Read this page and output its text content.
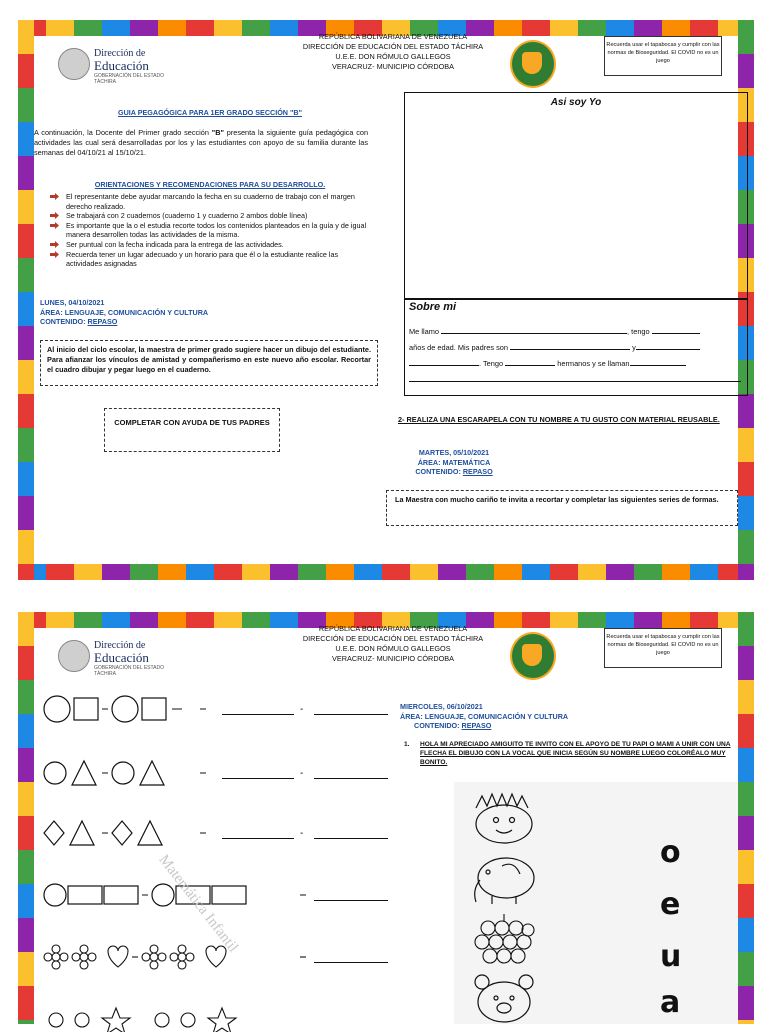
Dirección de
Educación
GOBERNACIÓN DEL ESTADO TÁCHIRA
REPÚBLICA BOLIVARIANA DE VENEZUELA
DIRECCIÓN DE EDUCACIÓN DEL ESTADO TÁCHIRA
U.E.E. DON RÓMULO GALLEGOS
VERACRUZ- MUNICIPIO CÓRDOBA
Recuerda usar el tapabocas y cumplir con las normas de Bioseguridad. El COVID no es un juego
GUIA PEGAGÓGICA PARA 1ER GRADO SECCIÓN "B"
A continuación, la Docente del Primer grado sección "B" presenta la siguiente guía pedagógica con actividades las cual será desarrolladas por los y las estudiantes con apoyo de su familia durante las semanas del 04/10/21 al 15/10/21.
ORIENTACIONES Y RECOMENDACIONES PARA SU DESARROLLO.
El representante debe ayudar marcando la fecha en su cuaderno de trabajo con el margen derecho realizado.
Se trabajará con 2 cuadernos (cuaderno 1 y cuaderno 2 ambos doble línea)
Es importante que la o el estudia recorte todos los contenidos planteados en la guía y de igual manera desarrollen todas las actividades de la misma.
Ser puntual con la fecha indicada para la entrega de las actividades.
Recuerda tener un lugar adecuado y un horario para que él o la estudiante realice las actividades asignadas
LUNES, 04/10/2021
ÁREA: LENGUAJE, COMUNICACIÓN Y CULTURA
CONTENIDO: REPASO
Al inicio del ciclo escolar, la maestra de primer grado sugiere hacer un dibujo del estudiante. Para afianzar los vínculos de amistad y compañerismo en este nuevo año escolar. Recortar el cuadro dibujar y pegar luego en el cuaderno.
COMPLETAR CON AYUDA DE TUS PADRES
Asi soy Yo
Sobre mi
Me llamo	, tengo
años de edad. Mis padres son	y
. Tengo	hermanos y se llaman
2- REALIZA UNA ESCARAPELA CON TU NOMBRE A TU GUSTO CON MATERIAL REUSABLE.
MARTES, 05/10/2021
ÁREA: MATEMÁTICA
CONTENIDO: REPASO
La Maestra con mucho cariño te invita a recortar y completar las siguientes series de formas.
Dirección de
Educación
GOBERNACIÓN DEL ESTADO TÁCHIRA
REPÚBLICA BOLIVARIANA DE VENEZUELA
DIRECCIÓN DE EDUCACIÓN DEL ESTADO TÁCHIRA
U.E.E. DON RÓMULO GALLEGOS
VERACRUZ- MUNICIPIO CÓRDOBA
Recuerda usar el tapabocas y cumplir con las normas de Bioseguridad. El COVID no es un juego
-
-
-
Matemática Infantil
MIERCOLES, 06/10/2021
ÁREA: LENGUAJE, COMUNICACIÓN Y CULTURA
CONTENIDO: REPASO
1. HOLA MI APRECIADO AMIGUITO TE INVITO CON EL APOYO DE TU PAPI O MAMI A UNIR CON UNA FLECHA EL DIBUJO CON LA VOCAL QUE INICIA SEGÚN SU NOMBRE LUEGO COLORÉALO MUY BONITO.
o
e
u
a
